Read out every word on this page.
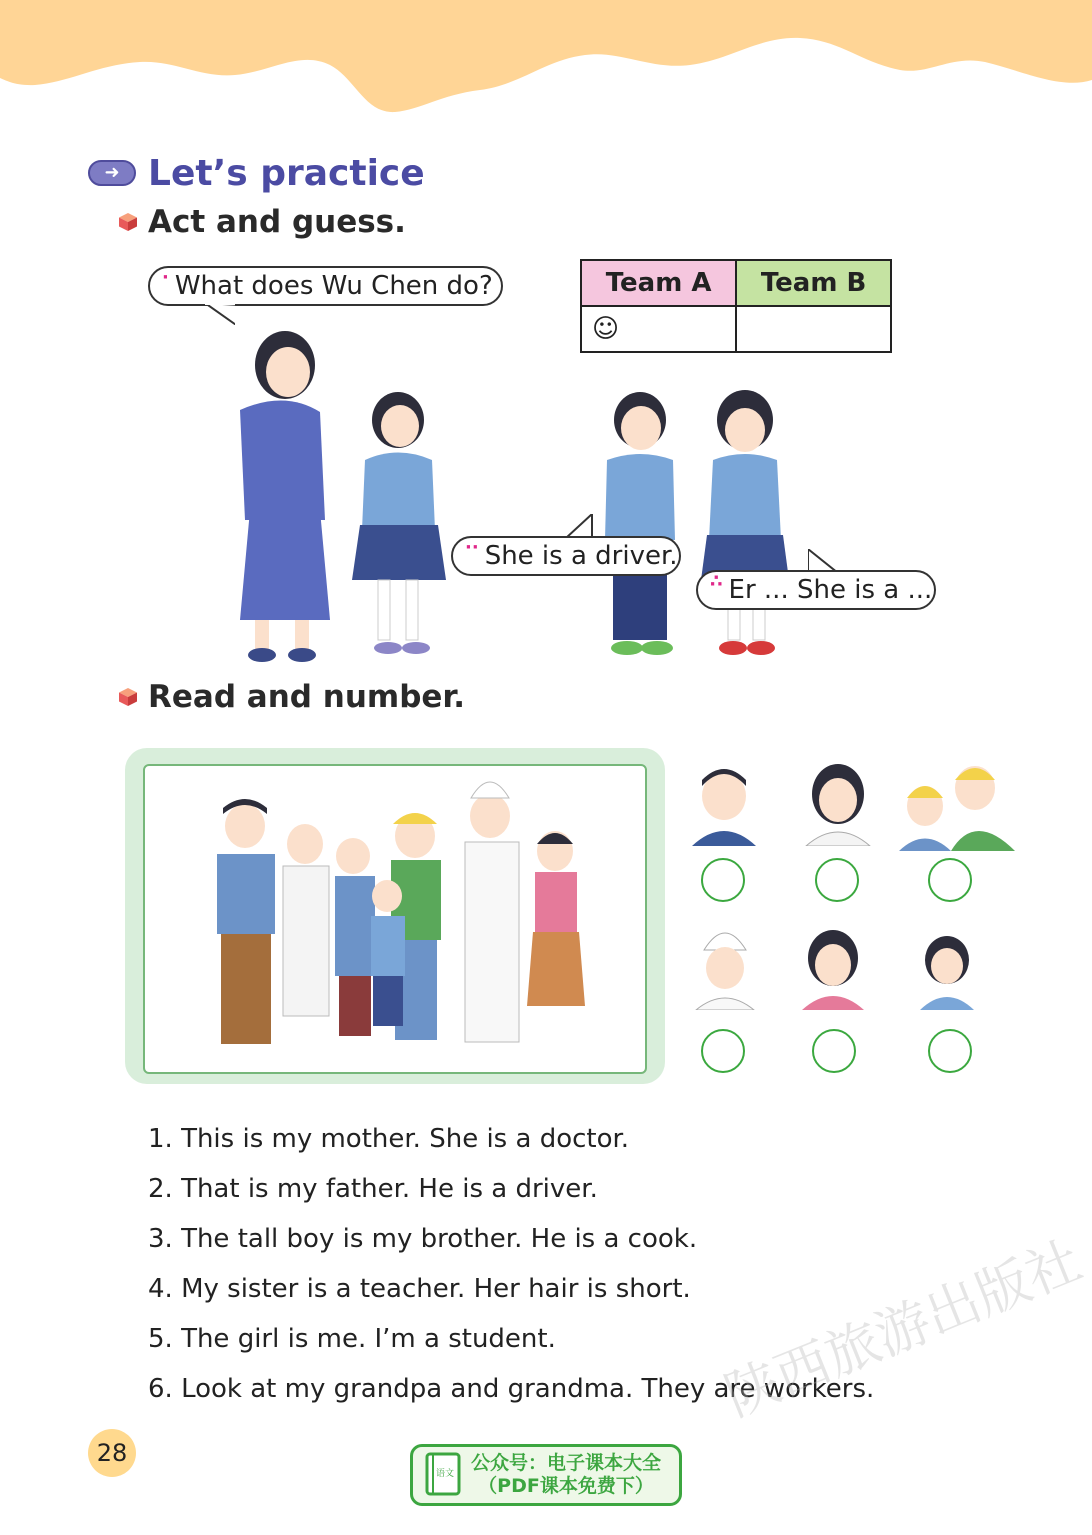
➜ Let’s practice
Act and guess.
· What does Wu Chen do?	Team A	Team B
☺	
·· She is a driver.
∴ Er ... She is a ...
Read and number.
1. This is my mother. She is a doctor.
2. That is my father. He is a driver.
3. The tall boy is my brother. He is a cook.
4. My sister is a teacher. Her hair is short.
5. The girl is me. I’m a student.
6. Look at my grandpa and grandma. They are workers.
28
陕西旅游出版社
语文 公众号：电子课本大全
（PDF课本免费下）
